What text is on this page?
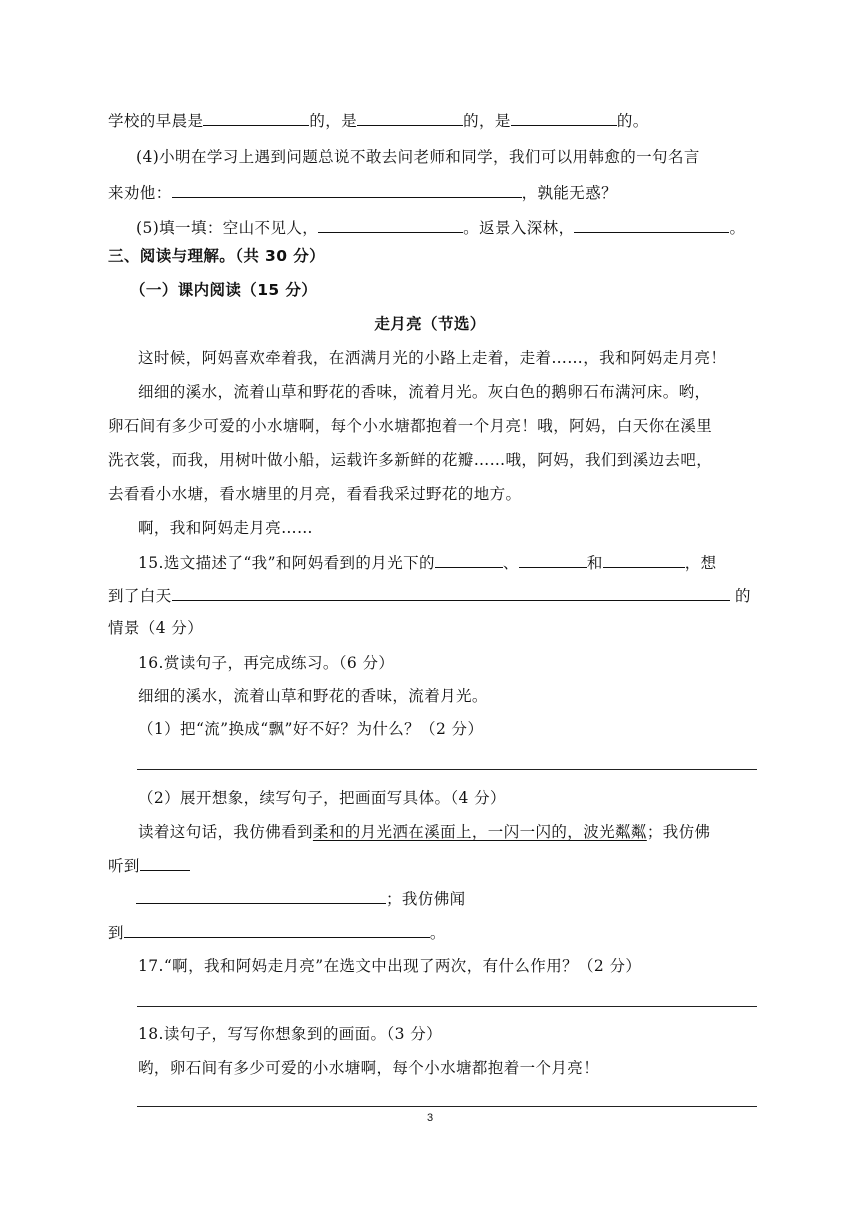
学校的早晨是	的，是	的，是	的。
(4)小明在学习上遇到问题总说不敢去问老师和同学，我们可以用韩愈的一句名言
来劝他：	，孰能无惑？
(5)填一填：空山不见人，	。返景入深林，	。
三、阅读与理解。（共 30 分）
（一）课内阅读（15 分）
走月亮（节选）
这时候，阿妈喜欢牵着我，在洒满月光的小路上走着，走着……，我和阿妈走月亮！
细细的溪水，流着山草和野花的香味，流着月光。灰白色的鹅卵石布满河床。哟，
卵石间有多少可爱的小水塘啊，每个小水塘都抱着一个月亮！哦，阿妈，白天你在溪里
洗衣裳，而我，用树叶做小船，运载许多新鲜的花瓣……哦，阿妈，我们到溪边去吧，
去看看小水塘，看水塘里的月亮，看看我采过野花的地方。
啊，我和阿妈走月亮……
15.选文描述了“我”和阿妈看到的月光下的	、	和	，想
到了白天	的
情景（4 分）
16.赏读句子，再完成练习。（6 分）
细细的溪水，流着山草和野花的香味，流着月光。
（1）把“流”换成“飘”好不好？为什么？（2 分）
（2）展开想象，续写句子，把画面写具体。（4 分）
读着这句话，我仿佛看到柔和的月光洒在溪面上，一闪一闪的，波光粼粼；我仿佛
听到
；我仿佛闻
到	。
17.“啊，我和阿妈走月亮”在选文中出现了两次，有什么作用？（2 分）
18.读句子，写写你想象到的画面。（3 分）
哟，卵石间有多少可爱的小水塘啊，每个小水塘都抱着一个月亮！
3
